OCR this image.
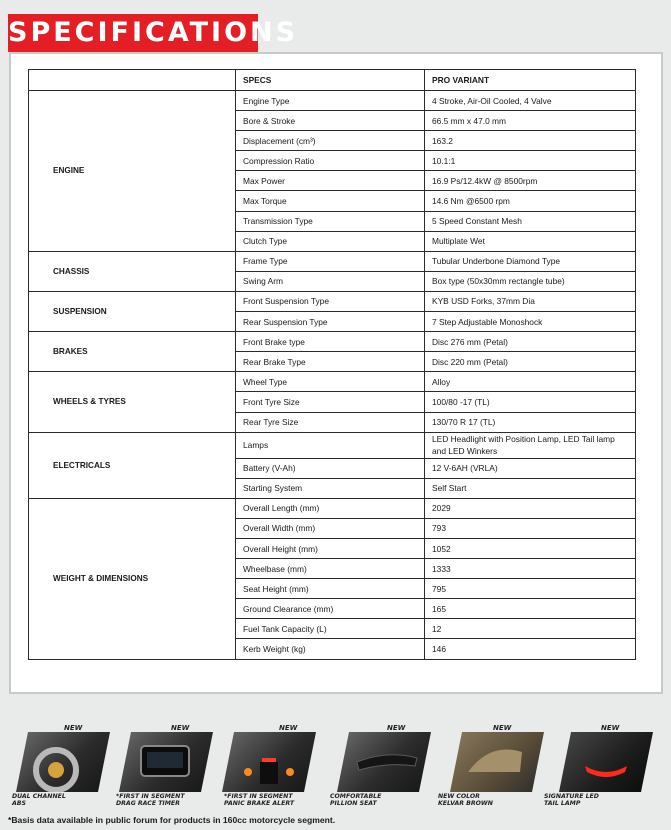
SPECIFICATIONS
	SPECS	PRO VARIANT
ENGINE	Engine Type	4 Stroke, Air-Oil Cooled, 4 Valve
	Bore & Stroke	66.5 mm x 47.0 mm
	Displacement (cm³)	163.2
	Compression Ratio	10.1:1
	Max Power	16.9 Ps/12.4kW @ 8500rpm
	Max Torque	14.6 Nm @6500 rpm
	Transmission Type	5 Speed Constant Mesh
	Clutch Type	Multiplate Wet
CHASSIS	Frame Type	Tubular Underbone Diamond Type
	Swing Arm	Box type (50x30mm rectangle tube)
SUSPENSION	Front Suspension Type	KYB USD Forks, 37mm Dia
	Rear Suspension Type	7 Step Adjustable Monoshock
BRAKES	Front Brake type	Disc 276 mm (Petal)
	Rear Brake Type	Disc 220 mm (Petal)
WHEELS & TYRES	Wheel Type	Alloy
	Front Tyre Size	100/80 -17 (TL)
	Rear Tyre Size	130/70 R 17 (TL)
ELECTRICALS	Lamps	LED Headlight with Position Lamp, LED Tail lamp and LED Winkers
	Battery (V-Ah)	12 V-6AH (VRLA)
	Starting System	Self Start
WEIGHT & DIMENSIONS	Overall Length (mm)	2029
	Overall Width (mm)	793
	Overall Height (mm)	1052
	Wheelbase (mm)	1333
	Seat Height (mm)	795
	Ground Clearance (mm)	165
	Fuel Tank Capacity (L)	12
	Kerb Weight (kg)	146
NEW	NEW	NEW	NEW	NEW	NEW
DUAL CHANNEL
ABS
*FIRST IN SEGMENT
DRAG RACE TIMER
*FIRST IN SEGMENT
PANIC BRAKE ALERT
COMFORTABLE
PILLION SEAT
NEW COLOR
KELVAR BROWN
SIGNATURE LED
TAIL LAMP
*Basis data available in public forum for products in 160cc motorcycle segment.
